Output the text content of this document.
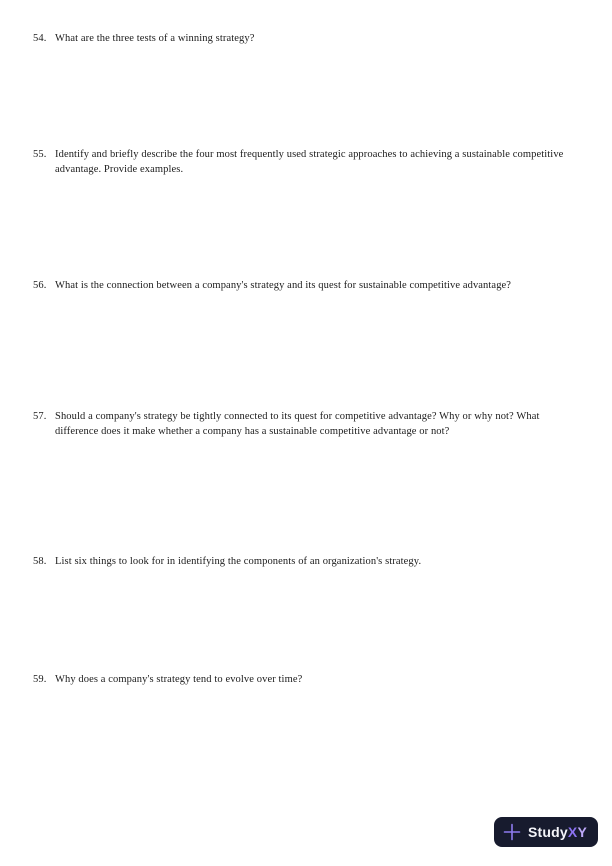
54. What are the three tests of a winning strategy?
55. Identify and briefly describe the four most frequently used strategic approaches to achieving a sustainable competitive advantage. Provide examples.
56. What is the connection between a company's strategy and its quest for sustainable competitive advantage?
57. Should a company's strategy be tightly connected to its quest for competitive advantage? Why or why not? What difference does it make whether a company has a sustainable competitive advantage or not?
58. List six things to look for in identifying the components of an organization's strategy.
59. Why does a company's strategy tend to evolve over time?
StudyXY
